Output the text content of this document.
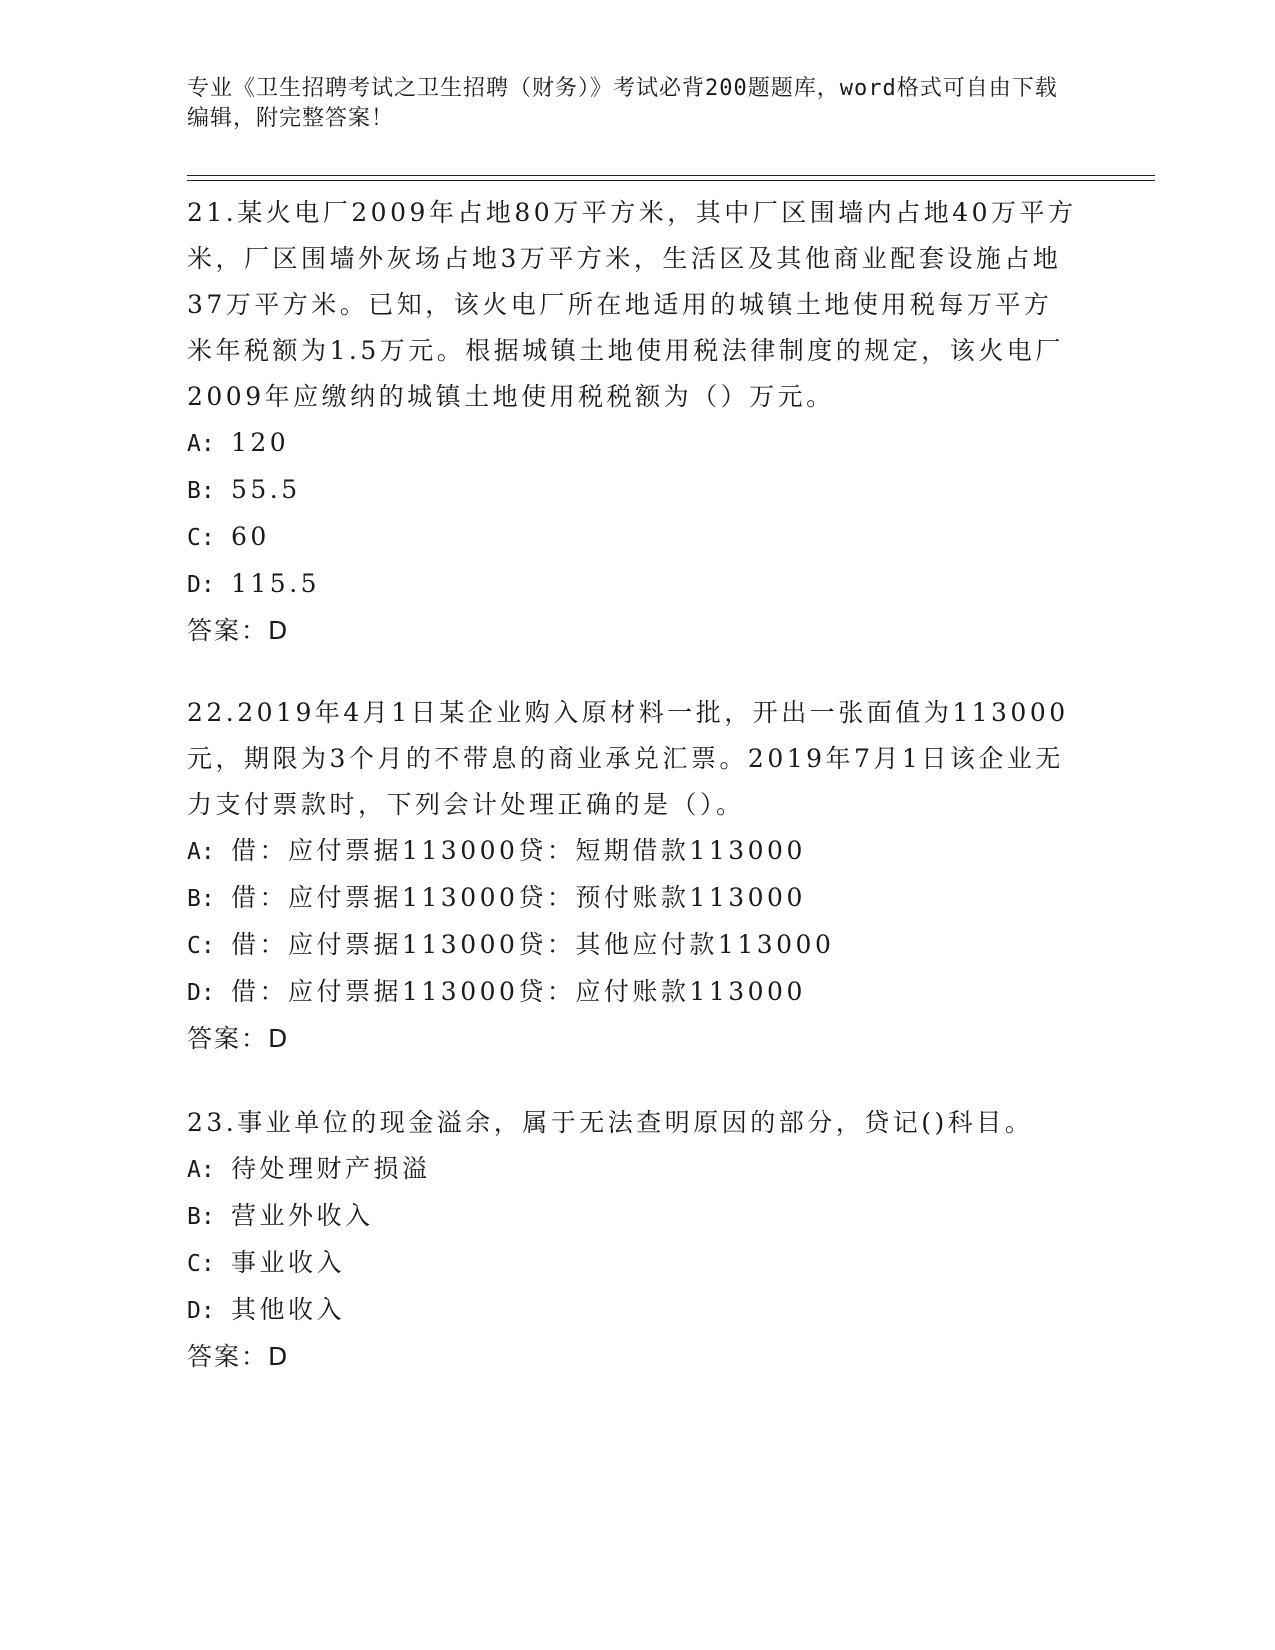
专业《卫生招聘考试之卫生招聘（财务）》考试必背200题题库，word格式可自由下载编辑，附完整答案！

21.某火电厂2009年占地80万平方米，其中厂区围墙内占地40万平方米，厂区围墙外灰场占地3万平方米，生活区及其他商业配套设施占地37万平方米。已知，该火电厂所在地适用的城镇土地使用税每万平方米年税额为1.5万元。根据城镇土地使用税法律制度的规定，该火电厂2009年应缴纳的城镇土地使用税税额为（）万元。

A: 120
B: 55.5
C: 60
D: 115.5
答案：D

22.2019年4月1日某企业购入原材料一批，开出一张面值为113000元，期限为3个月的不带息的商业承兑汇票。2019年7月1日该企业无力支付票款时，下列会计处理正确的是（）。

A: 借：应付票据113000贷：短期借款113000
B: 借：应付票据113000贷：预付账款113000
C: 借：应付票据113000贷：其他应付款113000
D: 借：应付票据113000贷：应付账款113000
答案：D

23.事业单位的现金溢余，属于无法查明原因的部分，贷记()科目。

A: 待处理财产损溢
B: 营业外收入
C: 事业收入
D: 其他收入
答案：D
